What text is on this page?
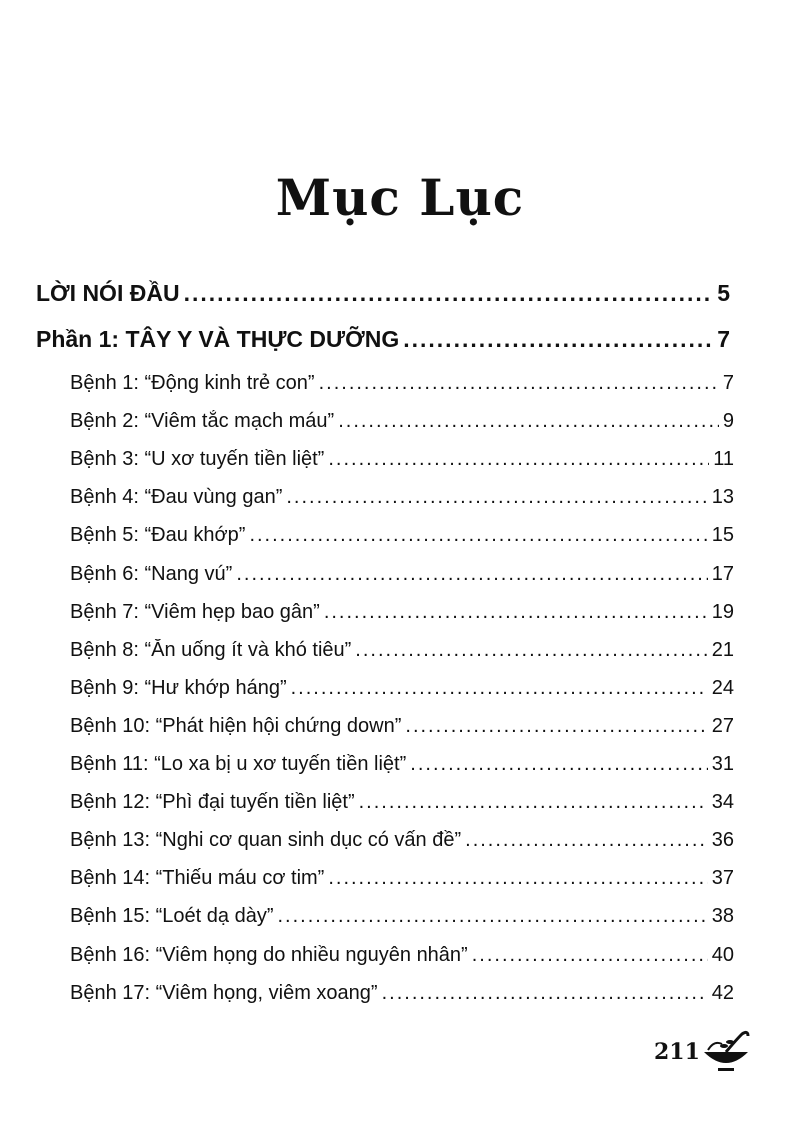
Mục Lục
LỜI NÓI ĐẦU .....	5
Phần 1: TÂY Y VÀ THỰC DƯỠNG .....	7
Bệnh 1: “Động kinh trẻ con” .....	7
Bệnh 2: “Viêm tắc mạch máu” .....	9
Bệnh 3: “U xơ tuyến tiền liệt” .....	11
Bệnh 4: “Đau vùng gan” .....	13
Bệnh 5: “Đau khớp” .....	15
Bệnh 6: “Nang vú” .....	17
Bệnh 7: “Viêm hẹp bao gân” .....	19
Bệnh 8: “Ăn uống ít và khó tiêu” .....	21
Bệnh 9: “Hư khớp háng” .....	24
Bệnh 10: “Phát hiện hội chứng down” .....	27
Bệnh 11: “Lo xa bị u xơ tuyến tiền liệt” .....	31
Bệnh 12: “Phì đại tuyến tiền liệt” .....	34
Bệnh 13: “Nghi cơ quan sinh dục có vấn đề” .....	36
Bệnh 14: “Thiếu máu cơ tim” .....	37
Bệnh 15: “Loét dạ dày” .....	38
Bệnh 16: “Viêm họng do nhiều nguyên nhân” .....	40
Bệnh 17: “Viêm họng, viêm xoang” .....	42
211
